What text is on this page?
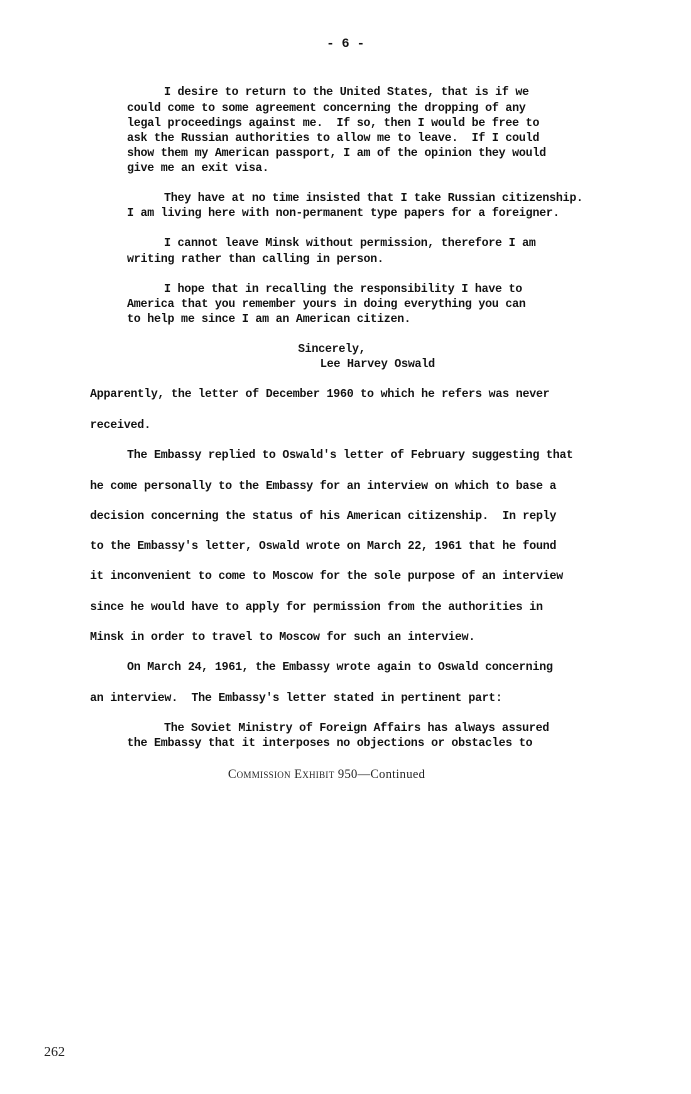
- 6 -
I desire to return to the United States, that is if we
could come to some agreement concerning the dropping of any
legal proceedings against me.  If so, then I would be free to
ask the Russian authorities to allow me to leave.  If I could
show them my American passport, I am of the opinion they would
give me an exit visa.
They have at no time insisted that I take Russian citizenship.
I am living here with non-permanent type papers for a foreigner.
I cannot leave Minsk without permission, therefore I am
writing rather than calling in person.
I hope that in recalling the responsibility I have to
America that you remember yours in doing everything you can
to help me since I am an American citizen.
Sincerely,
Lee Harvey Oswald
Apparently, the letter of December 1960 to which he refers was never
received.
The Embassy replied to Oswald's letter of February suggesting that
he come personally to the Embassy for an interview on which to base a
decision concerning the status of his American citizenship.  In reply
to the Embassy's letter, Oswald wrote on March 22, 1961 that he found
it inconvenient to come to Moscow for the sole purpose of an interview
since he would have to apply for permission from the authorities in
Minsk in order to travel to Moscow for such an interview.
On March 24, 1961, the Embassy wrote again to Oswald concerning
an interview.  The Embassy's letter stated in pertinent part:
The Soviet Ministry of Foreign Affairs has always assured
the Embassy that it interposes no objections or obstacles to
Commission Exhibit 950—Continued
262
